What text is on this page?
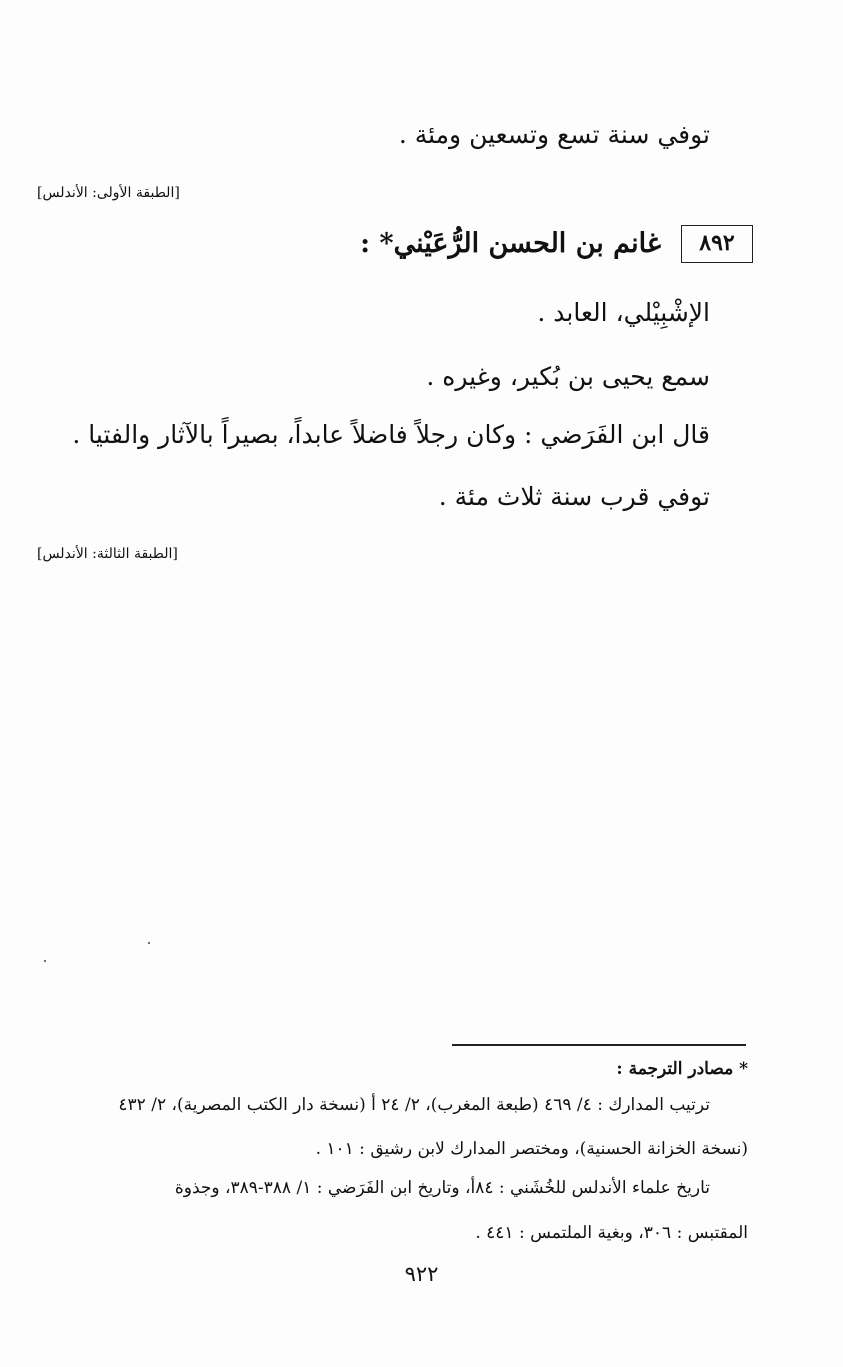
توفي سنة تسع وتسعين ومئة .
[الطبقة الأولى: الأندلس]
٨٩٢
غانم بن الحسن الرُّعَيْني* :
الإشْبِيْلي، العابد .
سمع يحيى بن بُكير، وغيره .
قال ابن الفَرَضي : وكان رجلاً فاضلاً عابداً، بصيراً بالآثار والفتيا .
توفي قرب سنة ثلاث مئة .
[الطبقة الثالثة: الأندلس]
* مصادر الترجمة :
ترتيب المدارك : ٤/ ٤٦٩ (طبعة المغرب)، ٢/ ٢٤ أ (نسخة دار الكتب المصرية)، ٢/ ٤٣٢
(نسخة الخزانة الحسنية)، ومختصر المدارك لابن رشيق : ١٠١ .
تاريخ علماء الأندلس للخُشَني : ٨٤أ، وتاريخ ابن الفَرَضي : ١/ ٣٨٨-٣٨٩، وجذوة
المقتبس : ٣٠٦، وبغية الملتمس : ٤٤١ .
٩٢٢
